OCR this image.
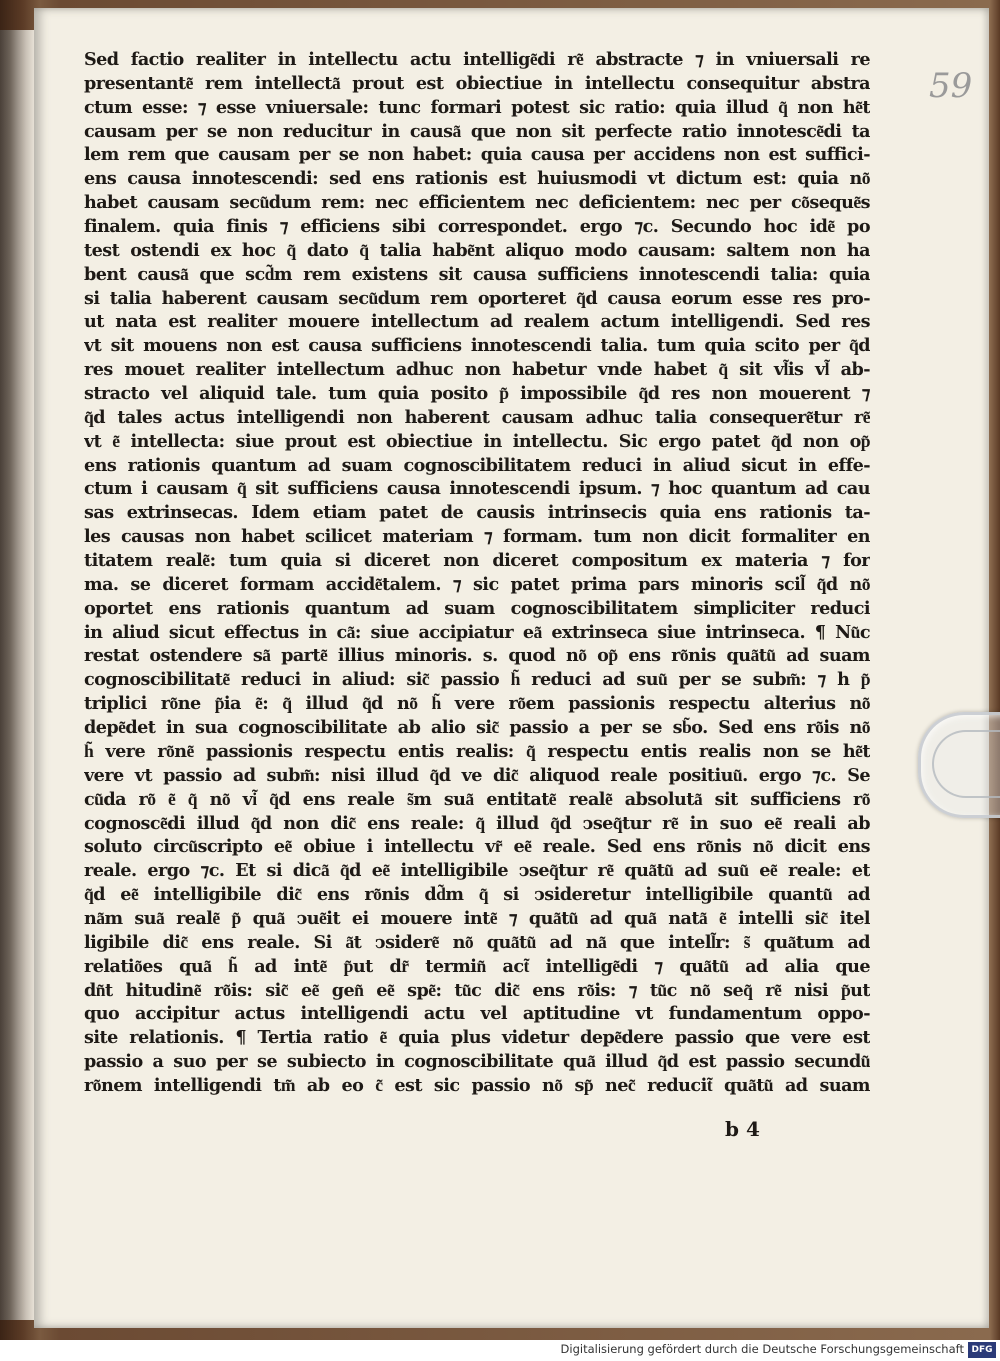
59
Sed factio realiter in intellectu actu intellige͂di re͂ abstracte ⁊ in vniuersali re
presentante͂ rem intellecta͂ prout est obiectiue in intellectu consequitur abstra
ctum esse: ⁊ esse vniuersale: tunc formari potest sic ratio: quia illud q͂ non he͂t
causam per se non reducitur in causa͂ que non sit perfecte ratio innotesce͂di ta
lem rem que causam per se non habet: quia causa per accidens non est suffici-
ens causa innotescendi: sed ens rationis est huiusmodi vt dictum est: quia no͂
habet causam secu͂dum rem: nec efficientem nec deficientem: nec per co͂seque͂s
finalem. quia finis ⁊ efficiens sibi correspondet. ergo ⁊c. Secundo hoc ide͂ po
test ostendi ex hoc q͂ dato q͂ talia habe͂nt aliquo modo causam: saltem non ha
bent causa͂ que scd͂m rem existens sit causa sufficiens innotescendi talia: quia
si talia haberent causam secu͂dum rem oporteret q͂d causa eorum esse res pro-
ut nata est realiter mouere intellectum ad realem actum intelligendi. Sed res
vt sit mouens non est causa sufficiens innotescendi talia. tum quia scito per q͂d
res mouet realiter intellectum adhuc non habetur vnde habet q͂ sit vl͂is vl͂ ab-
stracto vel aliquid tale. tum quia posito p͂ impossibile q͂d res non mouerent ⁊
q͂d tales actus intelligendi non haberent causam adhuc talia consequere͂tur re͂
vt e͂ intellecta: siue prout est obiectiue in intellectu. Sic ergo patet q͂d non op͂
ens rationis quantum ad suam cognoscibilitatem reduci in aliud sicut in effe-
ctum i causam q͂ sit sufficiens causa innotescendi ipsum. ⁊ hoc quantum ad cau
sas extrinsecas. Idem etiam patet de causis intrinsecis quia ens rationis ta-
les causas non habet scilicet materiam ⁊ formam. tum non dicit formaliter en
titatem reale͂: tum quia si diceret non diceret compositum ex materia ⁊ for
ma. se diceret formam accide͂talem. ⁊ sic patet prima pars minoris scil͂ q͂d no͂
oportet ens rationis quantum ad suam cognoscibilitatem simpliciter reduci
in aliud sicut effectus in ca͂: siue accipiatur ea͂ extrinseca siue intrinseca. ¶ Nu͂c
restat ostendere sa͂ parte͂ illius minoris. s. quod no͂ op͂ ens ro͂nis qua͂tu͂ ad suam
cognoscibilitate͂ reduci in aliud: sic͂ passio h͂ reduci ad suu͂ per se subm͂: ⁊ h p͂
triplici ro͂ne p͂ia e͂: q͂ illud q͂d no͂ h͂ vere ro͂em passionis respectu alterius no͂
depe͂det in sua cognoscibilitate ab alio sic͂ passio a per se sb͂o. Sed ens ro͂is no͂
h͂ vere ro͂ne͂ passionis respectu entis realis: q͂ respectu entis realis non se he͂t
vere vt passio ad subm͂: nisi illud q͂d ve dic͂ aliquod reale positiuu͂. ergo ⁊c. Se
cu͂da ro͂ e͂ q͂ no͂ vi͂ q͂d ens reale s͂m sua͂ entitate͂ reale͂ absoluta͂ sit sufficiens ro͂
cognosce͂di illud q͂d non dic͂ ens reale: q͂ illud q͂d ͻseq͂tur re͂ in suo ee͂ reali ab
soluto circu͂scripto ee͂ obiue i intellectu vr͂ ee͂ reale. Sed ens ro͂nis no͂ dicit ens
reale. ergo ⁊c. Et si dica͂ q͂d ee͂ intelligibile ͻseq͂tur re͂ qua͂tu͂ ad suu͂ ee͂ reale: et
q͂d ee͂ intelligibile dic͂ ens ro͂nis dd͂m q͂ si ͻsideretur intelligibile quantu͂ ad
na͂m sua͂ reale͂ p͂ qua͂ ͻue͂it ei mouere inte͂ ⁊ qua͂tu͂ ad qua͂ nata͂ e͂ intelli sic͂ itel
ligibile dic͂ ens reale. Si a͂t ͻsidere͂ no͂ qua͂tu͂ ad na͂ que intell͂r: s͂ qua͂tum ad
relatio͂es qua͂ h͂ ad inte͂ p͂ut dr͂ termin͂ act͂ intellige͂di ⁊ qua͂tu͂ ad alia que
dn͂t hitudine͂ ro͂is: sic͂ ee͂ gen͂ ee͂ spe͂: tu͂c dic͂ ens ro͂is: ⁊ tu͂c no͂ seq͂ re͂ nisi p͂ut
quo accipitur actus intelligendi actu vel aptitudine vt fundamentum oppo-
site relationis. ¶ Tertia ratio e͂ quia plus videtur depe͂dere passio que vere est
passio a suo per se subiecto in cognoscibilitate qua͂ illud q͂d est passio secundu͂
ro͂nem intelligendi tm͂ ab eo c͂ est sic passio no͂ sp͂ nec͂ reducit͂ qua͂tu͂ ad suam
b 4
Digitalisierung gefördert durch die Deutsche Forschungsgemeinschaft DFG
